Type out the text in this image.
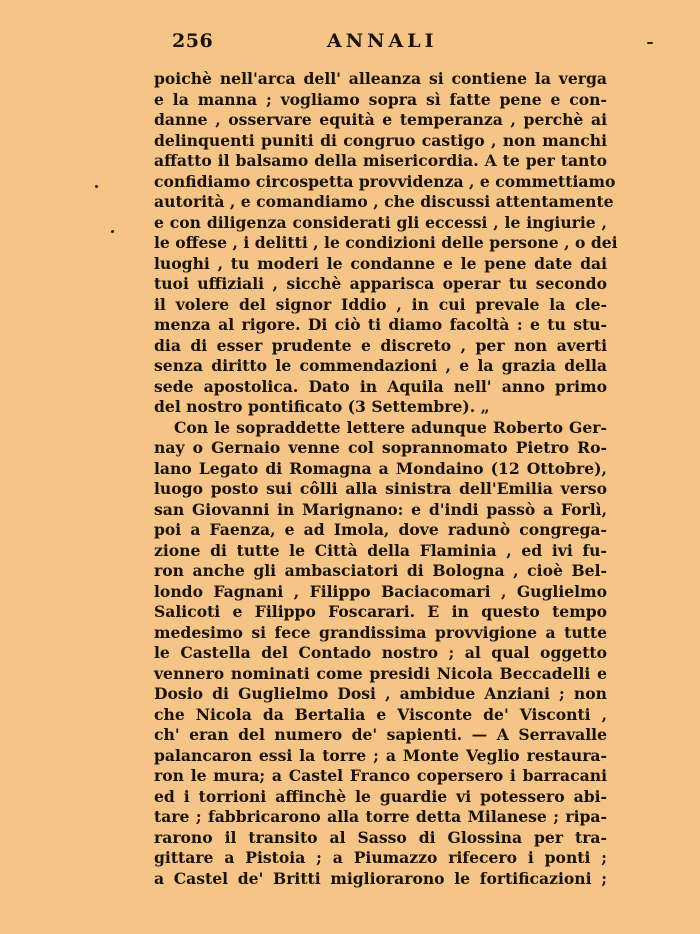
256	ANNALI
poichè nell'arca dell' alleanza si contiene la verga
e la manna ; vogliamo sopra sì fatte pene e con-
danne , osservare equità e temperanza , perchè ai
delinquenti puniti di congruo castigo , non manchi
affatto il balsamo della misericordia. A te per tanto
confidiamo circospetta provvidenza , e commettiamo
autorità , e comandiamo , che discussi attentamente
e con diligenza considerati gli eccessi , le ingiurie ,
le offese , i delitti , le condizioni delle persone , o dei
luoghi , tu moderi le condanne e le pene date dai
tuoi uffiziali , sicchè apparisca operar tu secondo
il volere del signor Iddio , in cui prevale la cle-
menza al rigore. Di ciò ti diamo facoltà : e tu stu-
dia di esser prudente e discreto , per non averti
senza diritto le commendazioni , e la grazia della
sede apostolica. Dato in Aquila nell' anno primo
del nostro pontificato (3 Settembre). „
Con le sopraddette lettere adunque Roberto Ger-
nay o Gernaio venne col soprannomato Pietro Ro-
lano Legato di Romagna a Mondaino (12 Ottobre),
luogo posto sui côlli alla sinistra dell'Emilia verso
san Giovanni in Marignano: e d'indi passò a Forlì,
poi a Faenza, e ad Imola, dove radunò congrega-
zione di tutte le Città della Flaminia , ed ivi fu-
ron anche gli ambasciatori di Bologna , cioè Bel-
londo Fagnani , Filippo Baciacomari , Guglielmo
Salicoti e Filippo Foscarari. E in questo tempo
medesimo si fece grandissima provvigione a tutte
le Castella del Contado nostro ; al qual oggetto
vennero nominati come presidi Nicola Beccadelli e
Dosio di Guglielmo Dosi , ambidue Anziani ; non
che Nicola da Bertalia e Visconte de' Visconti ,
ch' eran del numero de' sapienti. — A Serravalle
palancaron essi la torre ; a Monte Veglio restaura-
ron le mura; a Castel Franco copersero i barracani
ed i torrioni affinchè le guardie vi potessero abi-
tare ; fabbricarono alla torre detta Milanese ; ripa-
rarono il transito al Sasso di Glossina per tra-
gittare a Pistoia ; a Piumazzo rifecero i ponti ;
a Castel de' Britti migliorarono le fortificazioni ;
